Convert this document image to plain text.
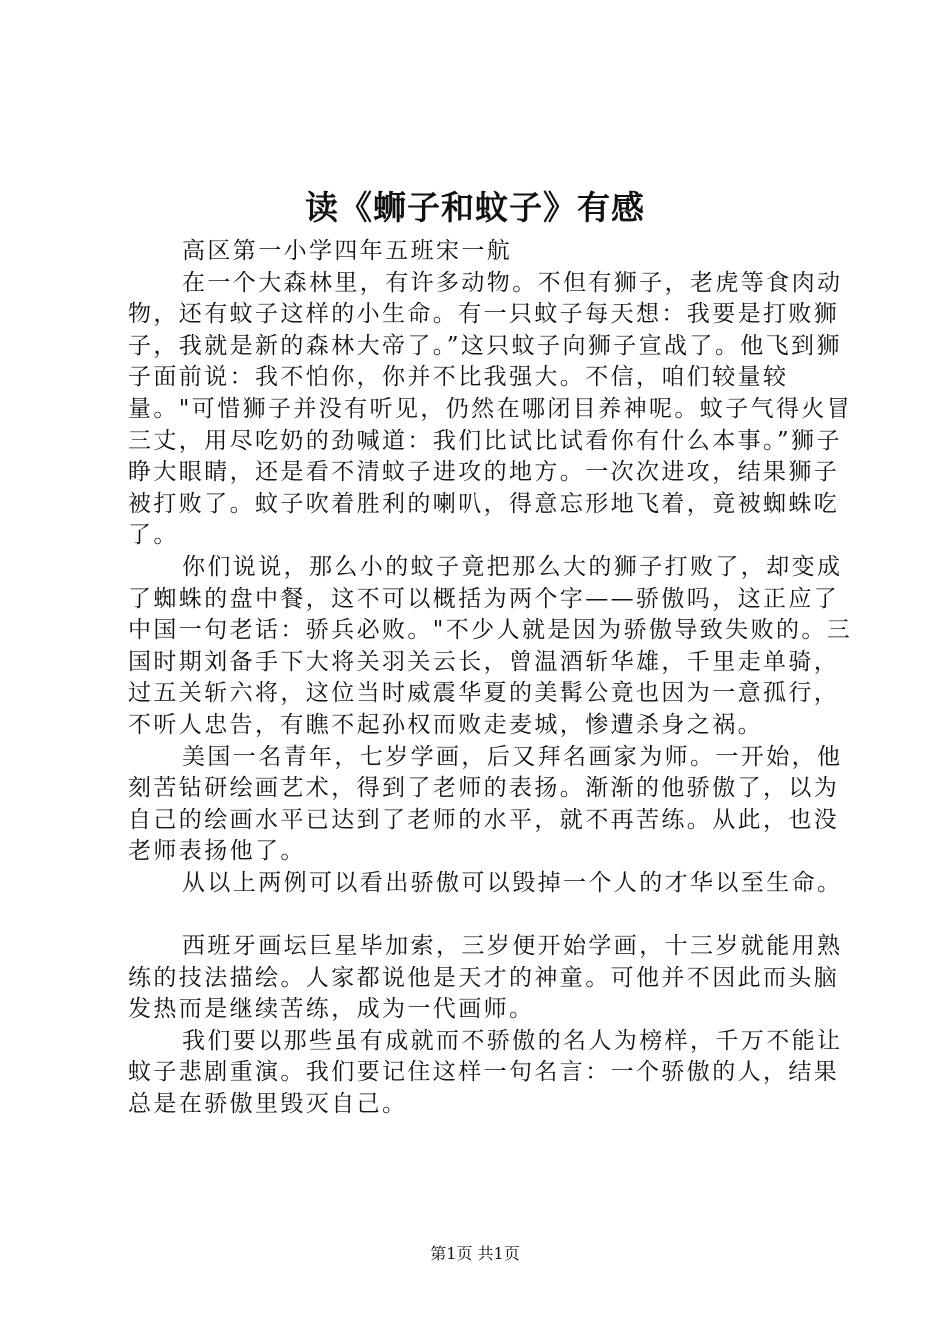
读《蛳子和蚊子》有感

高区第一小学四年五班宋一航

在一个大森林里，有许多动物。不但有狮子，老虎等食肉动物，还有蚊子这样的小生命。有一只蚊子每天想：我要是打败狮子，我就是新的森林大帝了。”这只蚊子向狮子宣战了。他飞到狮子面前说：我不怕你，你并不比我强大。不信，咱们较量较量。"可惜狮子并没有听见，仍然在哪闭目养神呢。蚊子气得火冒三丈，用尽吃奶的劲喊道：我们比试比试看你有什么本事。”狮子睁大眼睛，还是看不清蚊子进攻的地方。一次次进攻，结果狮子被打败了。蚊子吹着胜利的喇叭，得意忘形地飞着，竟被蜘蛛吃了。

你们说说，那么小的蚊子竟把那么大的狮子打败了，却变成了蜘蛛的盘中餐，这不可以概括为两个字——骄傲吗，这正应了中国一句老话：骄兵必败。"不少人就是因为骄傲导致失败的。三国时期刘备手下大将关羽关云长，曾温酒斩华雄，千里走单骑，过五关斩六将，这位当时威震华夏的美髯公竟也因为一意孤行，不听人忠告，有瞧不起孙权而败走麦城，惨遭杀身之祸。

美国一名青年，七岁学画，后又拜名画家为师。一开始，他刻苦钻研绘画艺术，得到了老师的表扬。渐渐的他骄傲了，以为自己的绘画水平已达到了老师的水平，就不再苦练。从此，也没老师表扬他了。

从以上两例可以看出骄傲可以毁掉一个人的才华以至生命。

西班牙画坛巨星毕加索，三岁便开始学画，十三岁就能用熟练的技法描绘。人家都说他是天才的神童。可他并不因此而头脑发热而是继续苦练，成为一代画师。

我们要以那些虽有成就而不骄傲的名人为榜样，千万不能让蚊子悲剧重演。我们要记住这样一句名言：一个骄傲的人，结果总是在骄傲里毁灭自己。

第1页 共1页
